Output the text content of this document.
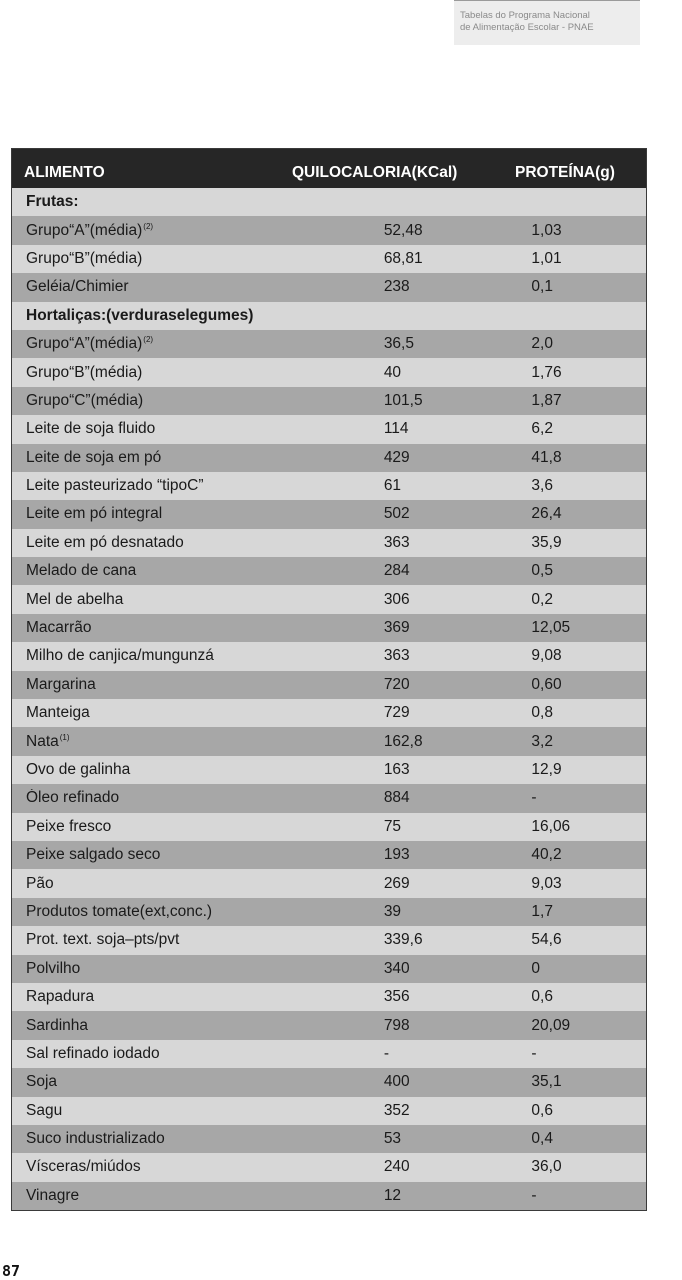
Tabelas do Programa Nacional
de Alimentação Escolar - PNAE
ALIMENTO	QUILOCALORIA(KCal)	PROTEÍNA(g)
Frutas:
Grupo“A”(média)$^{(2)}$	52,48	1,03
Grupo“B”(média)	68,81	1,01
Geléia/Chimier	238	0,1
Hortaliças:(verduraselegumes)
Grupo“A”(média)$^{(2)}$	36,5	2,0
Grupo“B”(média)	40	1,76
Grupo“C”(média)	101,5	1,87
Leite de soja fluido	114	6,2
Leite de soja em pó	429	41,8
Leite pasteurizado “tipoC”	61	3,6
Leite em pó integral	502	26,4
Leite em pó desnatado	363	35,9
Melado de cana	284	0,5
Mel de abelha	306	0,2
Macarrão	369	12,05
Milho de canjica/mungunzá	363	9,08
Margarina	720	0,60
Manteiga	729	0,8
Nata$^{(1)}$	162,8	3,2
Ovo de galinha	163	12,9
Óleo refinado	884	-
Peixe fresco	75	16,06
Peixe salgado seco	193	40,2
Pão	269	9,03
Produtos tomate(ext,conc.)	39	1,7
Prot. text. soja–pts/pvt	339,6	54,6
Polvilho	340	0
Rapadura	356	0,6
Sardinha	798	20,09
Sal refinado iodado	-	-
Soja	400	35,1
Sagu	352	0,6
Suco industrializado	53	0,4
Vísceras/miúdos	240	36,0
Vinagre	12	-
87
